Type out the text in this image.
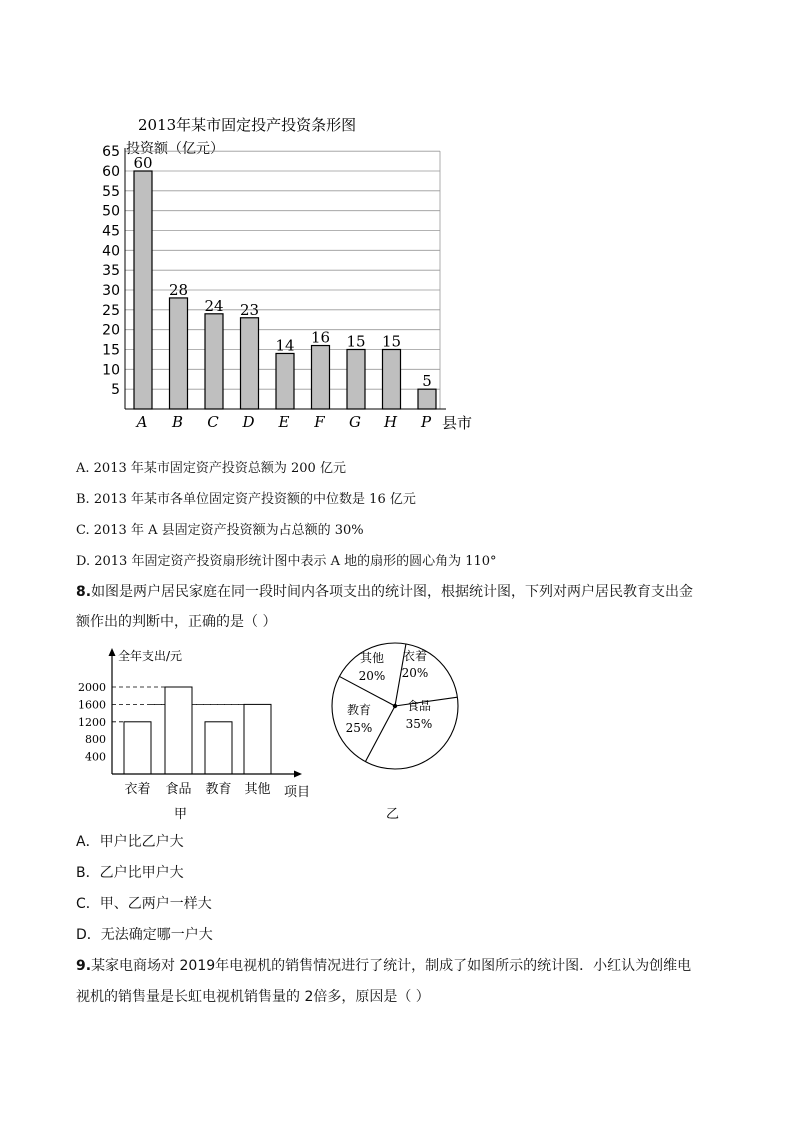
2013年某市固定投产投资条形图
投资额（亿元）
5
10
15
20
25
30
35
40
45
50
55
60
65
60
A
28
B
24
C
23
D
14
E
16
F
15
G
15
H
5
P 县市
A. 2013 年某市固定资产投资总额为 200 亿元
B. 2013 年某市各单位固定资产投资额的中位数是 16 亿元
C. 2013 年 A 县固定资产投资额为占总额的 30%
D. 2013 年固定资产投资扇形统计图中表示 A 地的扇形的圆心角为 110°
8.如图是两户居民家庭在同一段时间内各项支出的统计图，根据统计图，下列对两户居民教育支出金
额作出的判断中，正确的是（ ）
全年支出/元
400
800
1200
1600
2000
衣着 食品 教育 其他 项目
甲
衣着
20%
食品
35%
教育
25%
其他
20%
乙
A．甲户比乙户大
B．乙户比甲户大
C．甲、乙两户一样大
D．无法确定哪一户大
9.某家电商场对 2019年电视机的销售情况进行了统计，制成了如图所示的统计图．小红认为创维电
视机的销售量是长虹电视机销售量的 2倍多，原因是（ ）
